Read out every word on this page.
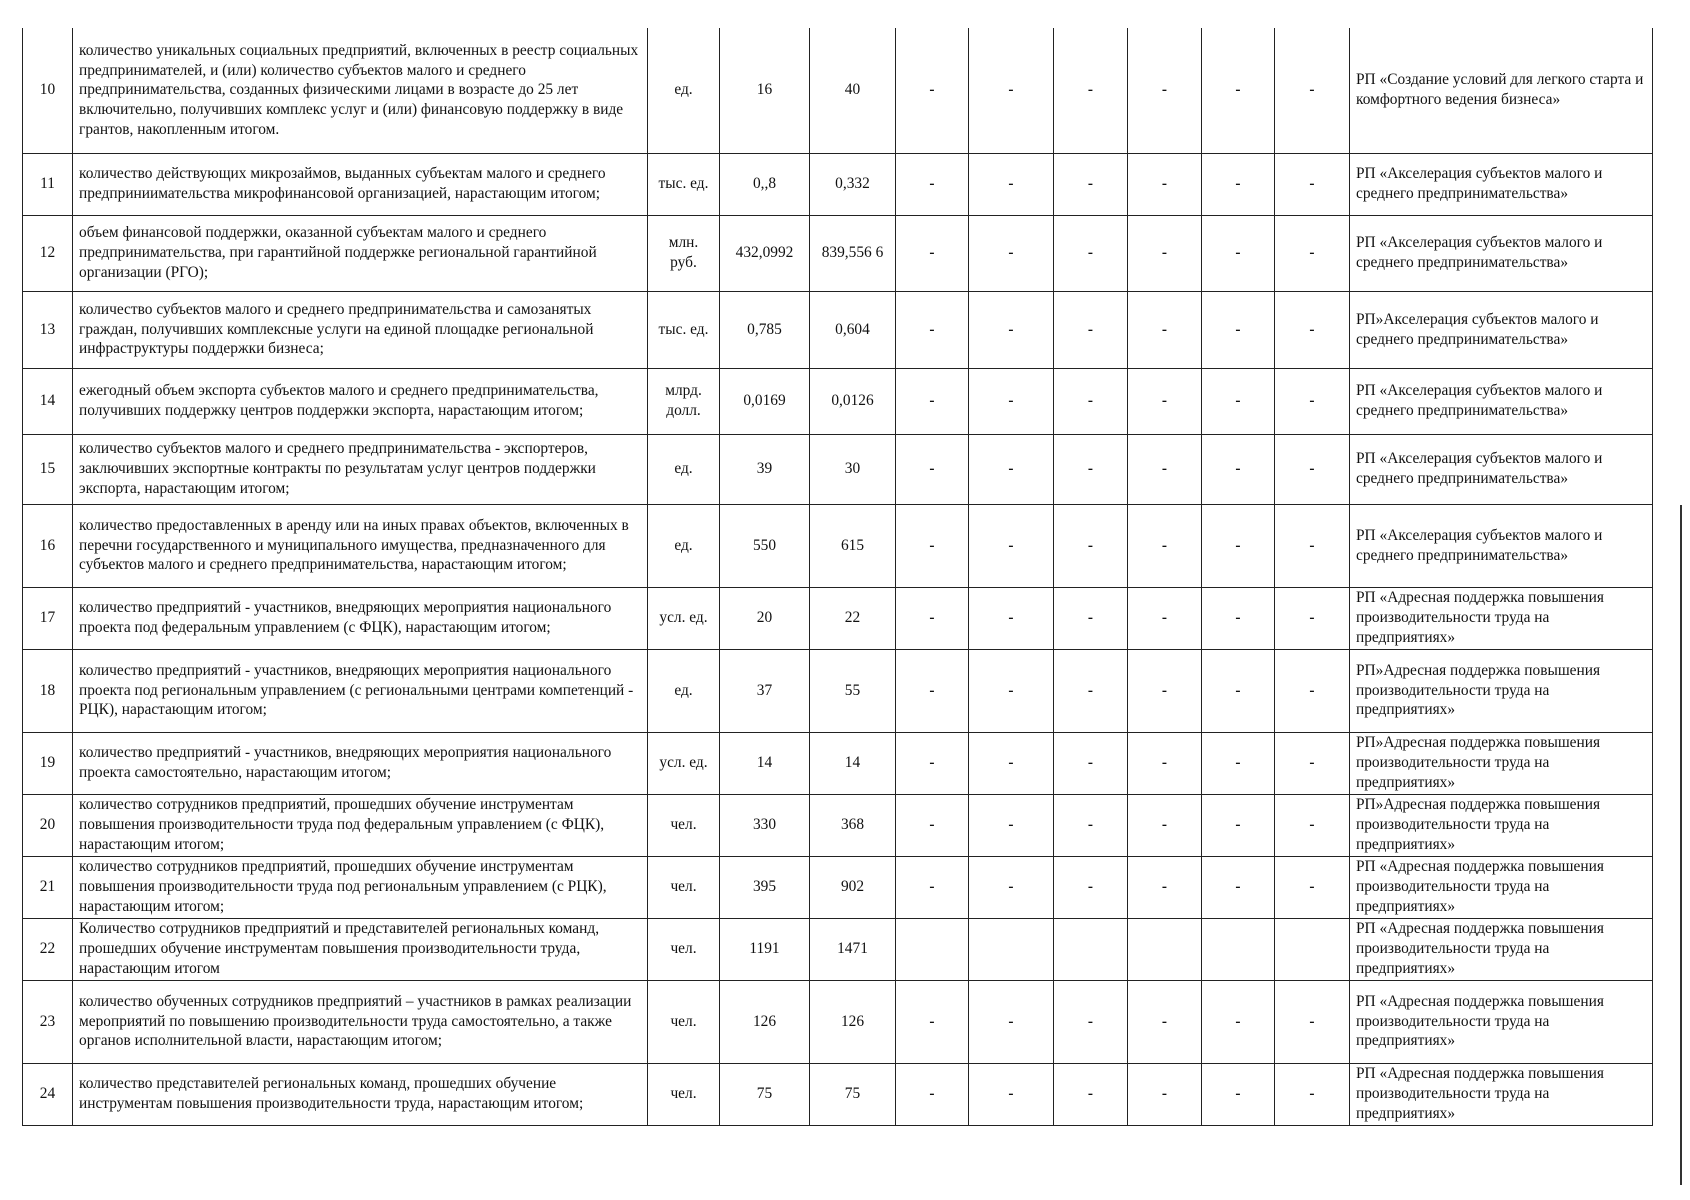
10	количество уникальных социальных предприятий, включенных в реестр социальных предпринимателей, и (или) количество субъектов малого и среднего предпринимательства, созданных физическими лицами в возрасте до 25 лет включительно, получивших комплекс услуг и (или) финансовую поддержку в виде грантов, накопленным итогом.	ед.	16	40	-	-	-	-	-	-	РП «Создание условий для легкого старта и комфортного ведения бизнеса»
11	количество действующих микрозаймов, выданных субъектам малого и среднего предприниимательства микрофинансовой организацией, нарастающим итогом;	тыс. ед.	0,,8	0,332	-	-	-	-	-	-	РП «Акселерация субъектов малого и среднего предпринимательства»
12	объем финансовой поддержки, оказанной субъектам малого и среднего предпринимательства, при гарантийной поддержке региональной гарантийной организации (РГО);	млн. руб.	432,0992	839,556 6	-	-	-	-	-	-	РП «Акселерация субъектов малого и среднего предпринимательства»
13	количество субъектов малого и среднего предпринимательства и самозанятых граждан, получивших комплексные услуги на единой площадке региональной инфраструктуры поддержки бизнеса;	тыс. ед.	0,785	0,604	-	-	-	-	-	-	РП»Акселерация субъектов малого и среднего предпринимательства»
14	ежегодный объем экспорта субъектов малого и среднего предпринимательства, получивших поддержку центров поддержки экспорта, нарастающим итогом;	млрд. долл.	0,0169	0,0126	-	-	-	-	-	-	РП «Акселерация субъектов малого и среднего предпринимательства»
15	количество субъектов малого и среднего предпринимательства - экспортеров, заключивших экспортные контракты по результатам услуг центров поддержки экспорта, нарастающим итогом;	ед.	39	30	-	-	-	-	-	-	РП «Акселерация субъектов малого и среднего предпринимательства»
16	количество предоставленных в аренду или на иных правах объектов, включенных в перечни государственного и муниципального имущества, предназначенного для субъектов малого и среднего предпринимательства, нарастающим итогом;	ед.	550	615	-	-	-	-	-	-	РП «Акселерация субъектов малого и среднего предпринимательства»
17	количество предприятий - участников, внедряющих мероприятия национального проекта под федеральным управлением (с ФЦК), нарастающим итогом;	усл. ед.	20	22	-	-	-	-	-	-	РП «Адресная поддержка повышения производительности труда на предприятиях»
18	количество предприятий - участников, внедряющих мероприятия национального проекта под региональным управлением (с региональными центрами компетенций - РЦК), нарастающим итогом;	ед.	37	55	-	-	-	-	-	-	РП»Адресная поддержка повышения производительности труда на предприятиях»
19	количество предприятий - участников, внедряющих мероприятия национального проекта самостоятельно, нарастающим итогом;	усл. ед.	14	14	-	-	-	-	-	-	РП»Адресная поддержка повышения производительности труда на предприятиях»
20	количество сотрудников предприятий, прошедших обучение инструментам повышения производительности труда под федеральным управлением (с ФЦК), нарастающим итогом;	чел.	330	368	-	-	-	-	-	-	РП»Адресная поддержка повышения производительности труда на предприятиях»
21	количество сотрудников предприятий, прошедших обучение инструментам повышения производительности труда под региональным управлением (с РЦК), нарастающим итогом;	чел.	395	902	-	-	-	-	-	-	РП «Адресная поддержка повышения производительности труда на предприятиях»
22	Количество сотрудников предприятий и представителей региональных команд, прошедших обучение инструментам повышения производительности труда, нарастающим итогом	чел.	1191	1471							РП «Адресная поддержка повышения производительности труда на предприятиях»
23	количество обученных сотрудников предприятий – участников в рамках реализации мероприятий по повышению производительности труда самостоятельно, а также органов исполнительной власти, нарастающим итогом;	чел.	126	126	-	-	-	-	-	-	РП «Адресная поддержка повышения производительности труда на предприятиях»
24	количество представителей региональных команд, прошедших обучение инструментам повышения производительности труда, нарастающим итогом;	чел.	75	75	-	-	-	-	-	-	РП «Адресная поддержка повышения производительности труда на предприятиях»
